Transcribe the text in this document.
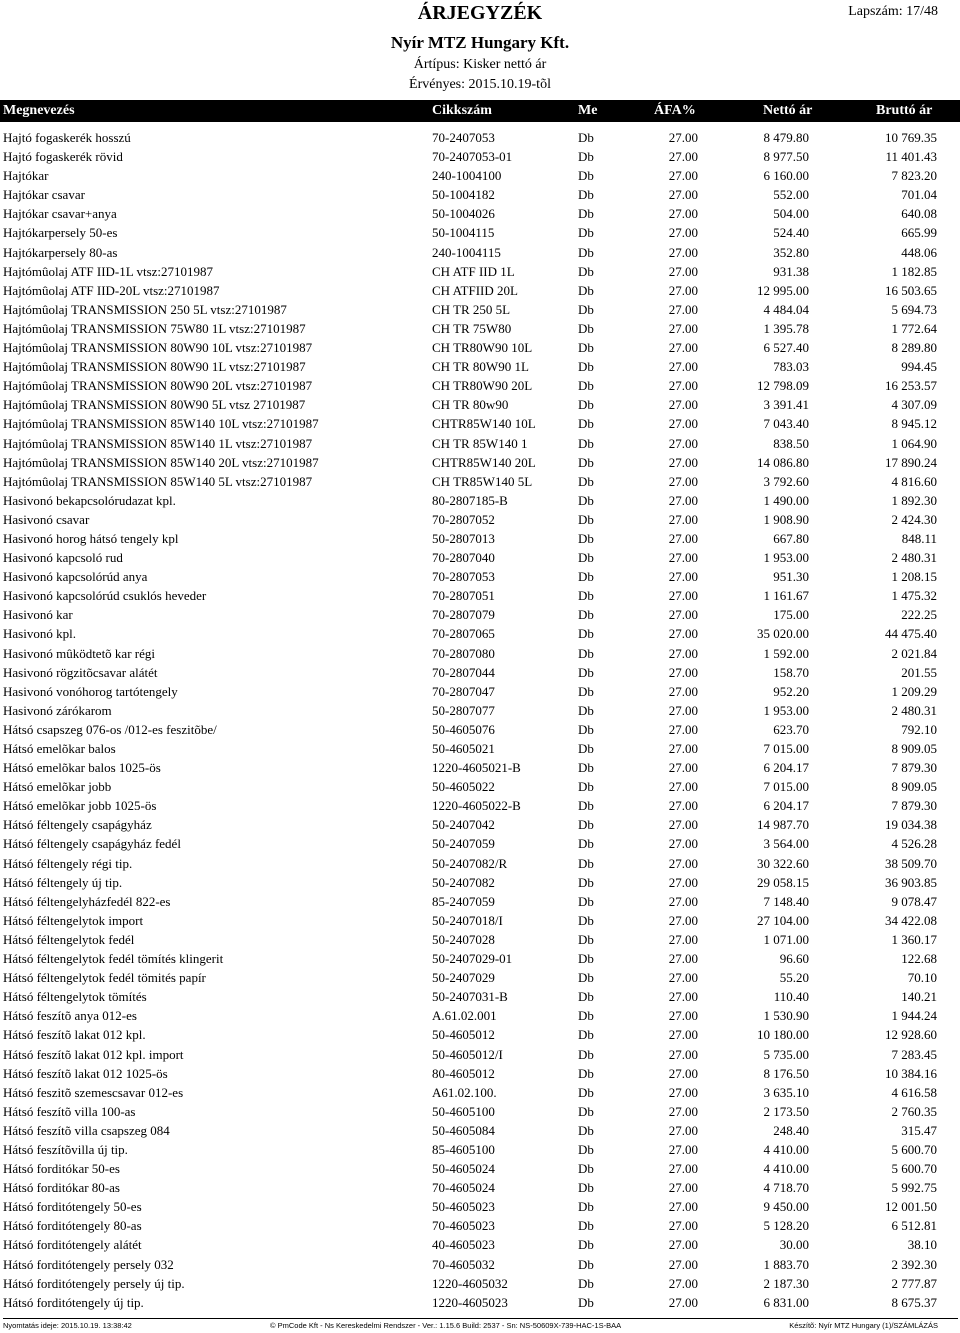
ÁRJEGYZÉK	Lapszám: 17/48
Nyír MTZ Hungary Kft.
Ártípus: Kisker nettó ár
Érvényes: 2015.10.19-tõl
Megnevezés	Cikkszám	Me	ÁFA%	Nettó ár	Bruttó ár
Hajtó fogaskerék hosszú	70-2407053	Db	27.00	8 479.80	10 769.35
Hajtó fogaskerék rövid	70-2407053-01	Db	27.00	8 977.50	11 401.43
Hajtókar	240-1004100	Db	27.00	6 160.00	7 823.20
Hajtókar csavar	50-1004182	Db	27.00	552.00	701.04
Hajtókar csavar+anya	50-1004026	Db	27.00	504.00	640.08
Hajtókarpersely 50-es	50-1004115	Db	27.00	524.40	665.99
Hajtókarpersely 80-as	240-1004115	Db	27.00	352.80	448.06
Hajtómûolaj ATF IID-1L vtsz:27101987	CH ATF IID 1L	Db	27.00	931.38	1 182.85
Hajtómûolaj ATF IID-20L vtsz:27101987	CH ATFIID 20L	Db	27.00	12 995.00	16 503.65
Hajtómûolaj TRANSMISSION 250 5L vtsz:27101987	CH TR 250 5L	Db	27.00	4 484.04	5 694.73
Hajtómûolaj TRANSMISSION 75W80 1L vtsz:27101987	CH TR 75W80	Db	27.00	1 395.78	1 772.64
Hajtómûolaj TRANSMISSION 80W90 10L vtsz:27101987	CH TR80W90 10L	Db	27.00	6 527.40	8 289.80
Hajtómûolaj TRANSMISSION 80W90 1L vtsz:27101987	CH TR 80W90 1L	Db	27.00	783.03	994.45
Hajtómûolaj TRANSMISSION 80W90 20L vtsz:27101987	CH TR80W90 20L	Db	27.00	12 798.09	16 253.57
Hajtómûolaj TRANSMISSION 80W90 5L vtsz 27101987	CH TR 80w90	Db	27.00	3 391.41	4 307.09
Hajtómûolaj TRANSMISSION 85W140 10L vtsz:27101987	CHTR85W140 10L	Db	27.00	7 043.40	8 945.12
Hajtómûolaj TRANSMISSION 85W140 1L vtsz:27101987	CH TR 85W140 1	Db	27.00	838.50	1 064.90
Hajtómûolaj TRANSMISSION 85W140 20L vtsz:27101987	CHTR85W140 20L	Db	27.00	14 086.80	17 890.24
Hajtómûolaj TRANSMISSION 85W140 5L vtsz:27101987	CH TR85W140 5L	Db	27.00	3 792.60	4 816.60
Hasivonó bekapcsolórudazat kpl.	80-2807185-B	Db	27.00	1 490.00	1 892.30
Hasivonó csavar	70-2807052	Db	27.00	1 908.90	2 424.30
Hasivonó horog hátsó tengely kpl	50-2807013	Db	27.00	667.80	848.11
Hasivonó kapcsoló rud	70-2807040	Db	27.00	1 953.00	2 480.31
Hasivonó kapcsolórúd anya	70-2807053	Db	27.00	951.30	1 208.15
Hasivonó kapcsolórúd csuklós heveder	70-2807051	Db	27.00	1 161.67	1 475.32
Hasivonó kar	70-2807079	Db	27.00	175.00	222.25
Hasivonó kpl.	70-2807065	Db	27.00	35 020.00	44 475.40
Hasivonó mûködtetõ kar régi	70-2807080	Db	27.00	1 592.00	2 021.84
Hasivonó rögzitõcsavar alátét	70-2807044	Db	27.00	158.70	201.55
Hasivonó vonóhorog tartótengely	70-2807047	Db	27.00	952.20	1 209.29
Hasivonó zárókarom	50-2807077	Db	27.00	1 953.00	2 480.31
Hátsó csapszeg 076-os /012-es feszitõbe/	50-4605076	Db	27.00	623.70	792.10
Hátsó emelõkar balos	50-4605021	Db	27.00	7 015.00	8 909.05
Hátsó emelõkar balos 1025-ös	1220-4605021-B	Db	27.00	6 204.17	7 879.30
Hátsó emelõkar jobb	50-4605022	Db	27.00	7 015.00	8 909.05
Hátsó emelõkar jobb 1025-ös	1220-4605022-B	Db	27.00	6 204.17	7 879.30
Hátsó féltengely csapágyház	50-2407042	Db	27.00	14 987.70	19 034.38
Hátsó féltengely csapágyház fedél	50-2407059	Db	27.00	3 564.00	4 526.28
Hátsó féltengely régi tip.	50-2407082/R	Db	27.00	30 322.60	38 509.70
Hátsó féltengely új tip.	50-2407082	Db	27.00	29 058.15	36 903.85
Hátsó féltengelyházfedél 822-es	85-2407059	Db	27.00	7 148.40	9 078.47
Hátsó féltengelytok import	50-2407018/I	Db	27.00	27 104.00	34 422.08
Hátsó féltengelytok fedél	50-2407028	Db	27.00	1 071.00	1 360.17
Hátsó féltengelytok fedél tömítés klingerit	50-2407029-01	Db	27.00	96.60	122.68
Hátsó féltengelytok fedél tömités papír	50-2407029	Db	27.00	55.20	70.10
Hátsó féltengelytok tömítés	50-2407031-B	Db	27.00	110.40	140.21
Hátsó feszítõ anya 012-es	A.61.02.001	Db	27.00	1 530.90	1 944.24
Hátsó feszítõ lakat 012 kpl.	50-4605012	Db	27.00	10 180.00	12 928.60
Hátsó feszítõ lakat 012 kpl. import	50-4605012/I	Db	27.00	5 735.00	7 283.45
Hátsó feszítõ lakat 012 1025-ös	80-4605012	Db	27.00	8 176.50	10 384.16
Hátsó feszitõ szemescsavar 012-es	A61.02.100.	Db	27.00	3 635.10	4 616.58
Hátsó feszítõ villa 100-as	50-4605100	Db	27.00	2 173.50	2 760.35
Hátsó feszítõ villa csapszeg 084	50-4605084	Db	27.00	248.40	315.47
Hátsó feszítõvilla új tip.	85-4605100	Db	27.00	4 410.00	5 600.70
Hátsó forditókar 50-es	50-4605024	Db	27.00	4 410.00	5 600.70
Hátsó forditókar 80-as	70-4605024	Db	27.00	4 718.70	5 992.75
Hátsó forditótengely 50-es	50-4605023	Db	27.00	9 450.00	12 001.50
Hátsó forditótengely 80-as	70-4605023	Db	27.00	5 128.20	6 512.81
Hátsó forditótengely alátét	40-4605023	Db	27.00	30.00	38.10
Hátsó forditótengely persely 032	70-4605032	Db	27.00	1 883.70	2 392.30
Hátsó forditótengely persely új tip.	1220-4605032	Db	27.00	2 187.30	2 777.87
Hátsó forditótengely új tip.	1220-4605023	Db	27.00	6 831.00	8 675.37
Nyomtatás ideje: 2015.10.19. 13:38:42	© PmCode Kft - Ns Kereskedelmi Rendszer - Ver.: 1.15.6 Build: 2537 - Sn: NS-50609X-739-HAC-1S-BAA	Készítõ: Nyír MTZ Hungary (1)/SZÁMLÁZÁS
